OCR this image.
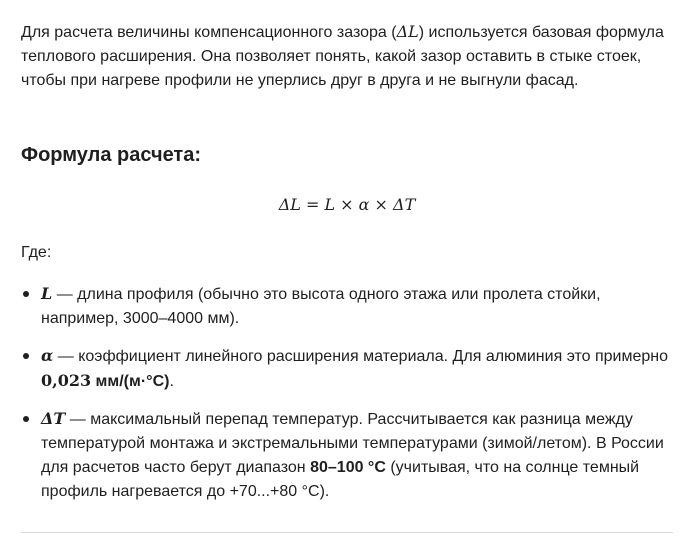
Для расчета величины компенсационного зазора (ΔL) используется базовая формула теплового расширения. Она позволяет понять, какой зазор оставить в стыке стоек, чтобы при нагреве профили не уперлись друг в друга и не выгнули фасад.

Формула расчета:
ΔL = L × α × ΔT

Где:

L — длина профиля (обычно это высота одного этажа или пролета стойки, например, 3000–4000 мм).
α — коэффициент линейного расширения материала. Для алюминия это примерно 0,023 мм/(м·°C).
ΔT — максимальный перепад температур. Рассчитывается как разница между температурой монтажа и экстремальными температурами (зимой/летом). В России для расчетов часто берут диапазон 80–100 °C (учитывая, что на солнце темный профиль нагревается до +70...+80 °C).
